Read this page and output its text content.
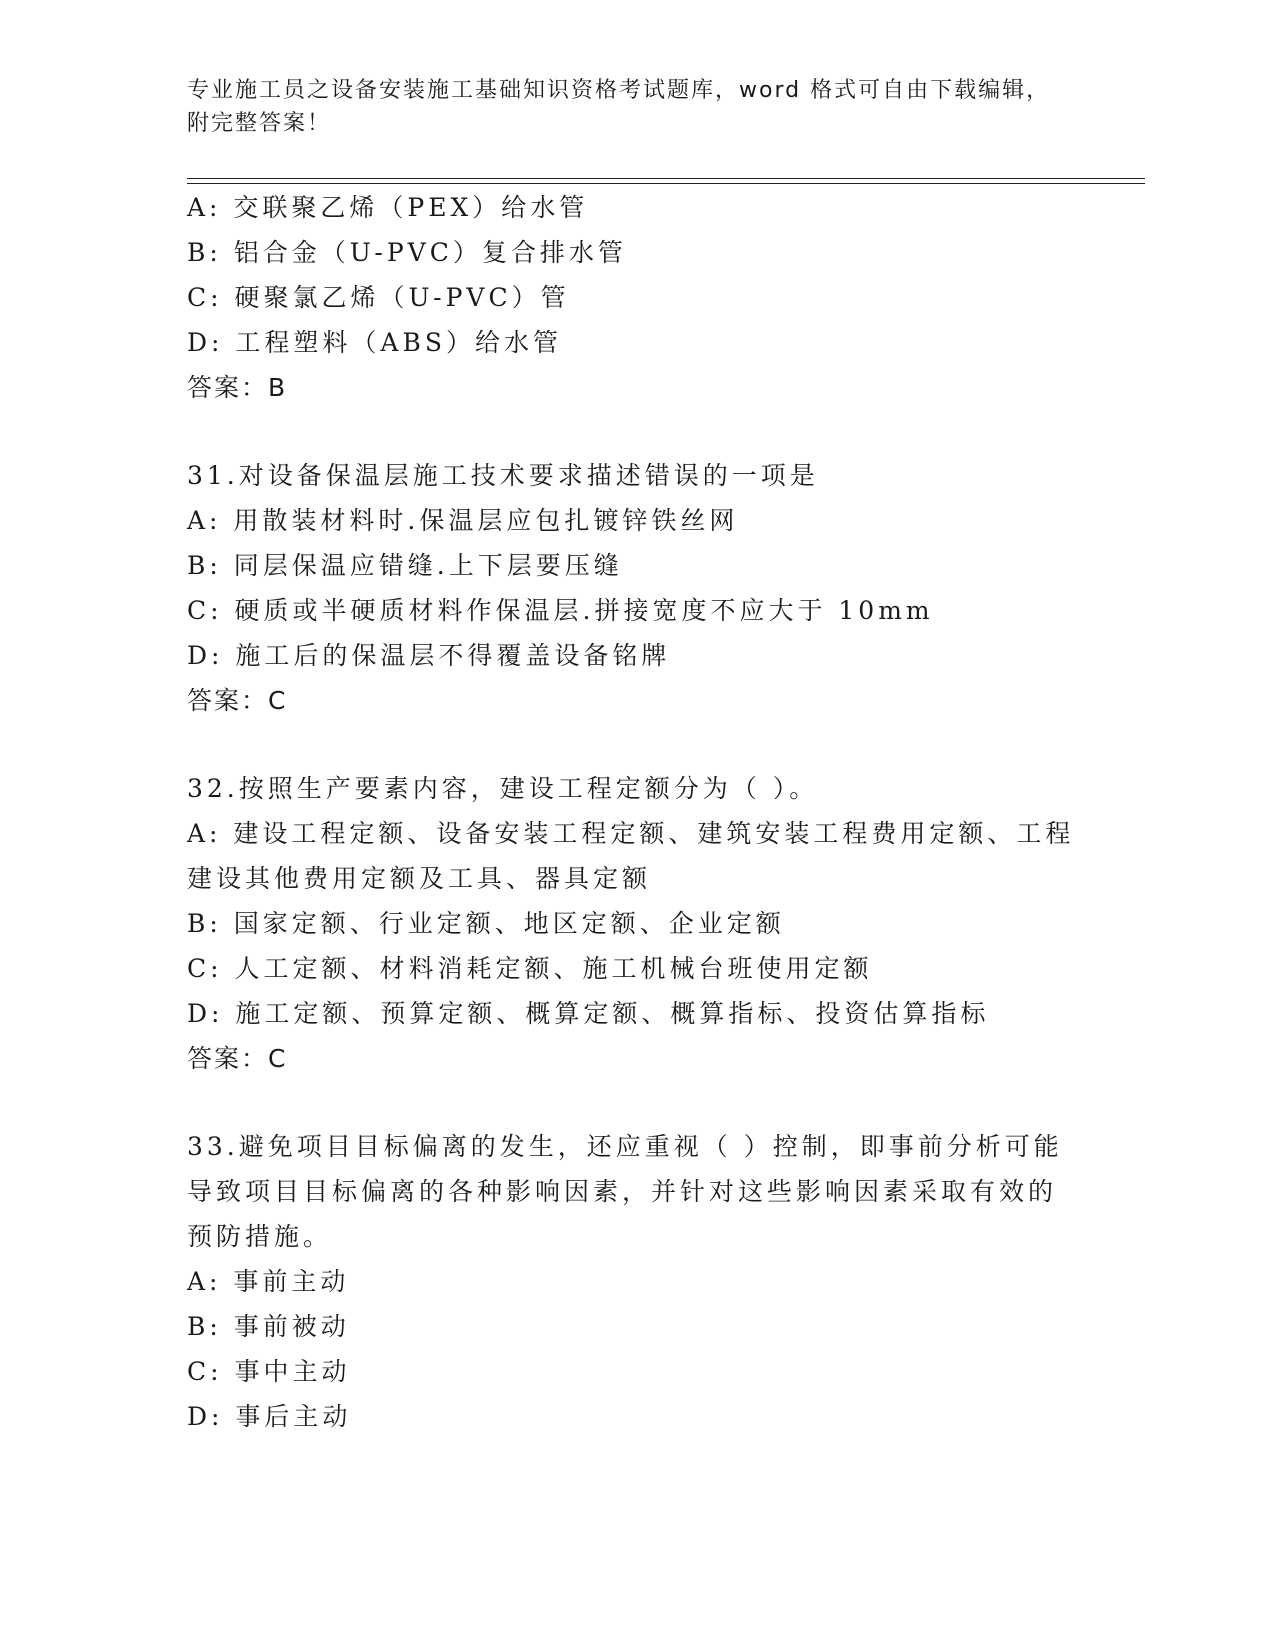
专业施工员之设备安装施工基础知识资格考试题库，word 格式可自由下载编辑，
附完整答案！
A: 交联聚乙烯（PEX）给水管
B: 铝合金（U-PVC）复合排水管
C: 硬聚氯乙烯（U-PVC）管
D: 工程塑料（ABS）给水管
答案：B
31.对设备保温层施工技术要求描述错误的一项是
A: 用散装材料时.保温层应包扎镀锌铁丝网
B: 同层保温应错缝.上下层要压缝
C: 硬质或半硬质材料作保温层.拼接宽度不应大于 10mm
D: 施工后的保温层不得覆盖设备铭牌
答案：C
32.按照生产要素内容，建设工程定额分为（ ）。
A: 建设工程定额、设备安装工程定额、建筑安装工程费用定额、工程
建设其他费用定额及工具、器具定额
B: 国家定额、行业定额、地区定额、企业定额
C: 人工定额、材料消耗定额、施工机械台班使用定额
D: 施工定额、预算定额、概算定额、概算指标、投资估算指标
答案：C
33.避免项目目标偏离的发生，还应重视（ ）控制，即事前分析可能
导致项目目标偏离的各种影响因素，并针对这些影响因素采取有效的
预防措施。
A: 事前主动
B: 事前被动
C: 事中主动
D: 事后主动
